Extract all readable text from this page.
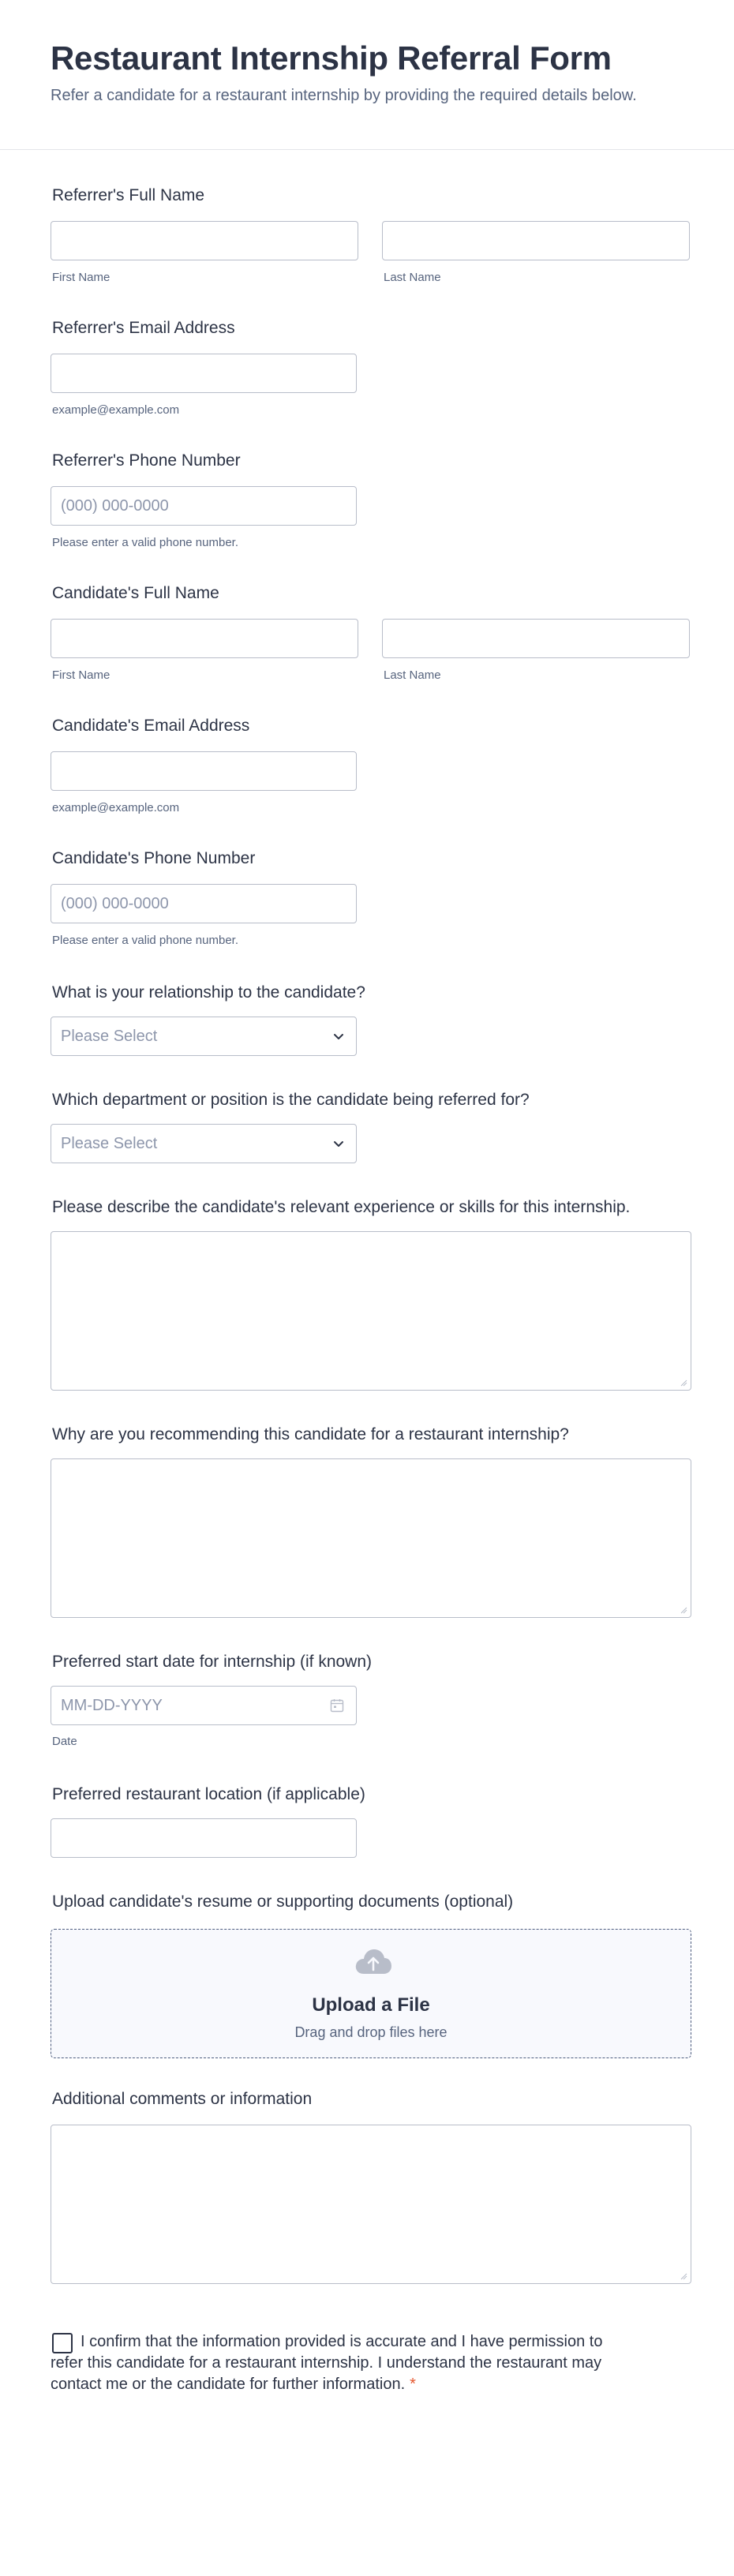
Restaurant Internship Referral Form
Refer a candidate for a restaurant internship by providing the required details below.
Referrer's Full Name
First Name	Last Name
Referrer's Email Address
example@example.com
Referrer's Phone Number
(000) 000-0000
Please enter a valid phone number.
Candidate's Full Name
First Name	Last Name
Candidate's Email Address
example@example.com
Candidate's Phone Number
(000) 000-0000
Please enter a valid phone number.
What is your relationship to the candidate?
Please Select
Which department or position is the candidate being referred for?
Please Select
Please describe the candidate's relevant experience or skills for this internship.
Why are you recommending this candidate for a restaurant internship?
Preferred start date for internship (if known)
MM-DD-YYYY
Date
Preferred restaurant location (if applicable)
Upload candidate's resume or supporting documents (optional)
Upload a File
Drag and drop files here
Additional comments or information
I confirm that the information provided is accurate and I have permission to refer this candidate for a restaurant internship. I understand the restaurant may contact me or the candidate for further information. *
